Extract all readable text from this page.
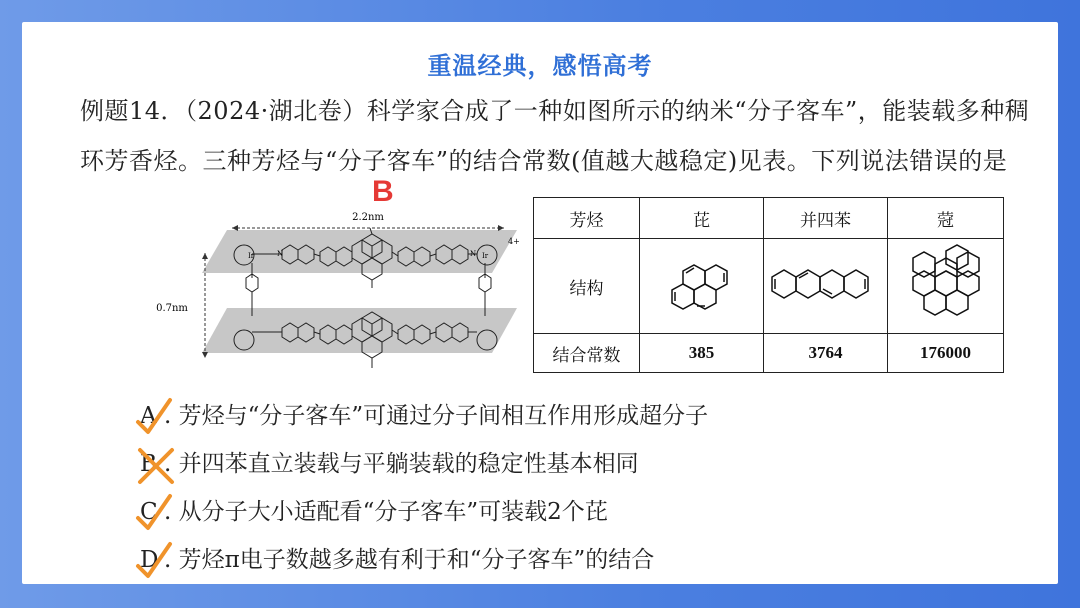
重温经典，感悟高考
例题14．（2024·湖北卷）科学家合成了一种如图所示的纳米“分子客车”，能装载多种稠环芳香烃。三种芳烃与“分子客车”的结合常数(值越大越稳定)见表。下列说法错误的是
B
2.2nm
0.7nm
4+
N	N
Ir	Ir
芳烃	芘	并四苯	蒄
结构			
结合常数	385	3764	176000
A . 芳烃与“分子客车”可通过分子间相互作用形成超分子
B . 并四苯直立装载与平躺装载的稳定性基本相同
C . 从分子大小适配看“分子客车”可装载2个芘
D . 芳烃π电子数越多越有利于和“分子客车”的结合
